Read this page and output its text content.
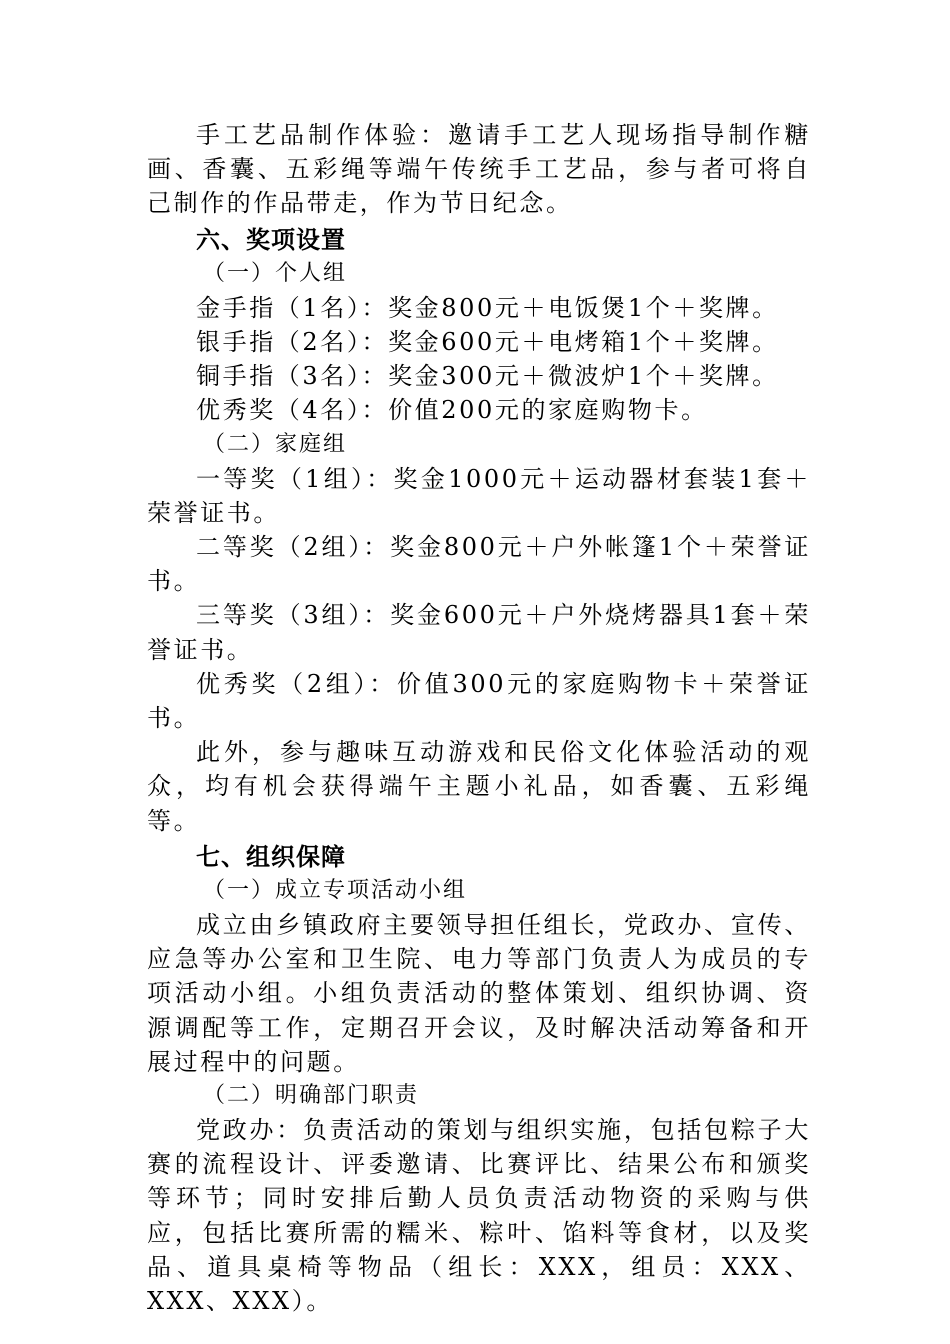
手工艺品制作体验：邀请手工艺人现场指导制作糖画、香囊、五彩绳等端午传统手工艺品，参与者可将自己制作的作品带走，作为节日纪念。

六、奖项设置

（一）个人组

金手指（1名）：奖金800元＋电饭煲1个＋奖牌。

银手指（2名）：奖金600元＋电烤箱1个＋奖牌。

铜手指（3名）：奖金300元＋微波炉1个＋奖牌。

优秀奖（4名）：价值200元的家庭购物卡。

（二）家庭组

一等奖（1组）：奖金1000元＋运动器材套装1套＋荣誉证书。

二等奖（2组）：奖金800元＋户外帐篷1个＋荣誉证书。

三等奖（3组）：奖金600元＋户外烧烤器具1套＋荣誉证书。

优秀奖（2组）：价值300元的家庭购物卡＋荣誉证书。

此外，参与趣味互动游戏和民俗文化体验活动的观众，均有机会获得端午主题小礼品，如香囊、五彩绳等。

七、组织保障

（一）成立专项活动小组

成立由乡镇政府主要领导担任组长，党政办、宣传、应急等办公室和卫生院、电力等部门负责人为成员的专项活动小组。小组负责活动的整体策划、组织协调、资源调配等工作，定期召开会议，及时解决活动筹备和开展过程中的问题。

（二）明确部门职责

党政办：负责活动的策划与组织实施，包括包粽子大赛的流程设计、评委邀请、比赛评比、结果公布和颁奖等环节；同时安排后勤人员负责活动物资的采购与供应，包括比赛所需的糯米、粽叶、馅料等食材，以及奖品、道具桌椅等物品（组长：XXX，组员：XXX、XXX、XXX）。
